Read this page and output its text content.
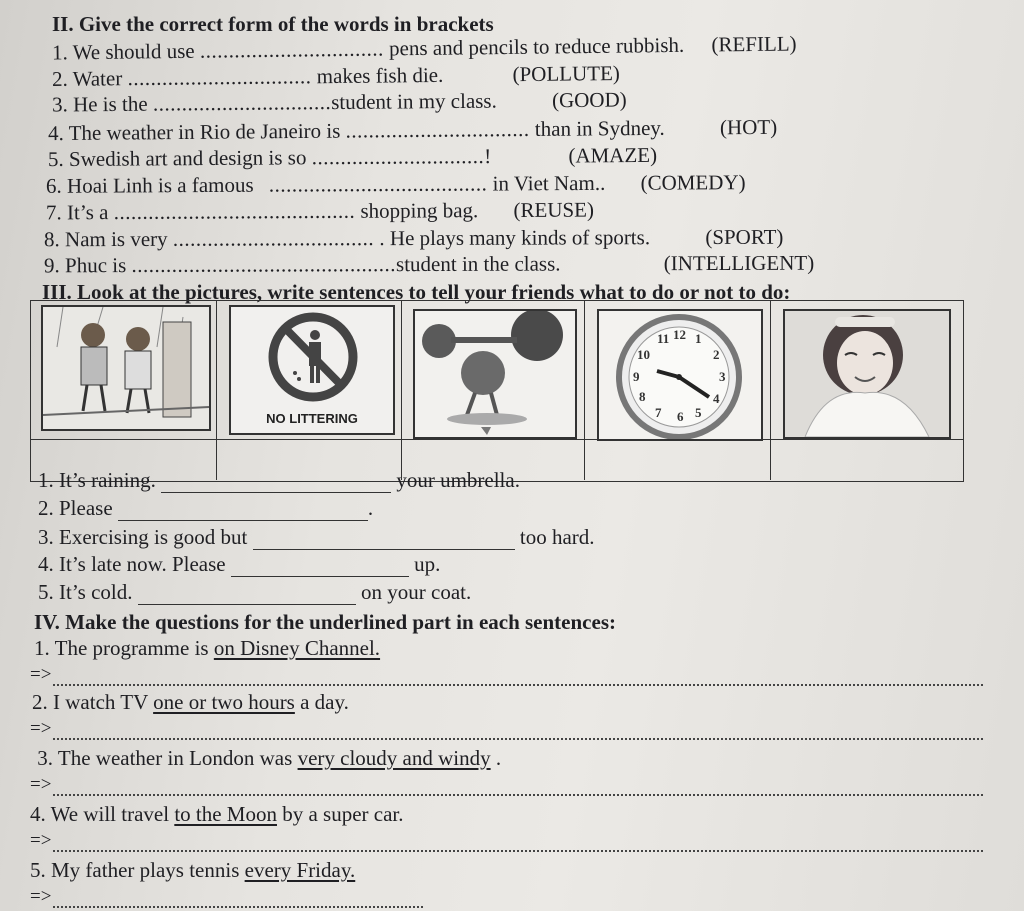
II. Give the correct form of the words in brackets
1. We should use ................................ pens and pencils to reduce rubbish. (REFILL)
2. Water ................................ makes fish die.	(POLLUTE)
3. He is the ...............................student in my class.	(GOOD)
4. The weather in Rio de Janeiro is ................................ than in Sydney.	(HOT)
5. Swedish art and design is so ..............................!	(AMAZE)
6. Hoai Linh is a famous ...................................... in Viet Nam.. (COMEDY)
7. It’s a .......................................... shopping bag. (REUSE)
8. Nam is very ................................... . He plays many kinds of sports.	(SPORT)
9. Phuc is ..............................................student in the class.	(INTELLIGENT)
III. Look at the pictures, write sentences to tell your friends what to do or not to do:
NO LITTERING
11 12 1
2
10
9	3
8	4
7 6 5
1. It’s raining.	your umbrella.
2. Please	.
3. Exercising is good but	too hard.
4. It’s late now. Please	up.
5. It’s cold.	on your coat.
IV. Make the questions for the underlined part in each sentences:
1. The programme is on Disney Channel.
=>
2. I watch TV one or two hours a day.
=>
3. The weather in London was very cloudy and windy .
=>
4. We will travel to the Moon by a super car.
=>
5. My father plays tennis every Friday.
=>
